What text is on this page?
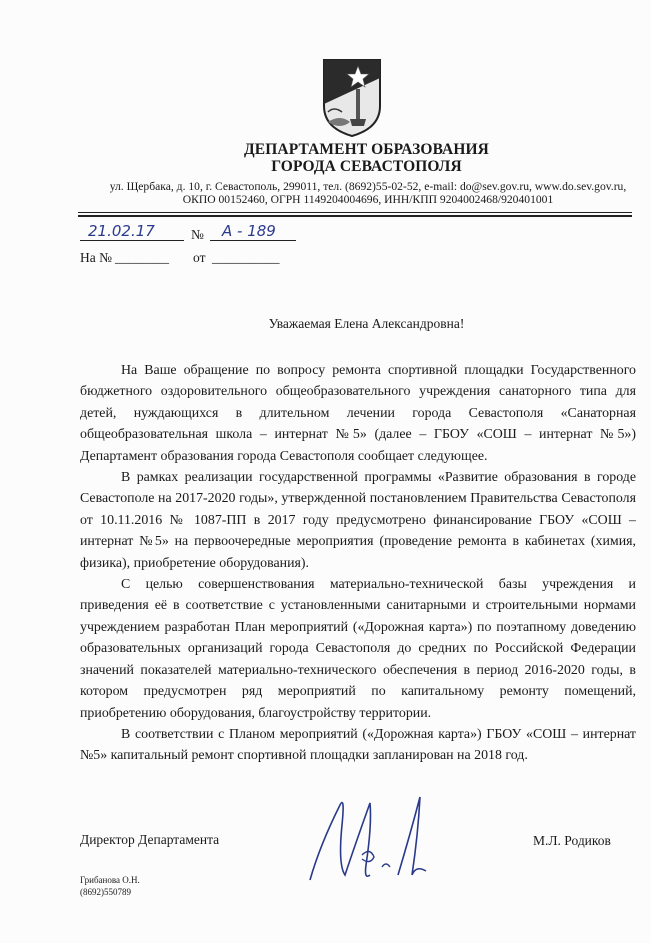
ДЕПАРТАМЕНТ ОБРАЗОВАНИЯ
ГОРОДА СЕВАСТОПОЛЯ
ул. Щербака, д. 10, г. Севастополь, 299011, тел. (8692)55-02-52, e-mail: do@sev.gov.ru, www.do.sev.gov.ru,
ОКПО 00152460, ОГРН 1149204004696, ИНН/КПП 9204002468/920401001
21.02.17	№ А - 189
На № ________ от __________
Уважаемая Елена Александровна!

На Ваше обращение по вопросу ремонта спортивной площадки Государственного бюджетного оздоровительного общеобразовательного учреждения санаторного типа для детей, нуждающихся в длительном лечении города Севастополя «Санаторная общеобразовательная школа – интернат №5» (далее – ГБОУ «СОШ – интернат №5») Департамент образования города Севастополя сообщает следующее.

В рамках реализации государственной программы «Развитие образования в городе Севастополе на 2017-2020 годы», утвержденной постановлением Правительства Севастополя от 10.11.2016 № 1087-ПП в 2017 году предусмотрено финансирование ГБОУ «СОШ – интернат №5» на первоочередные мероприятия (проведение ремонта в кабинетах (химия, физика), приобретение оборудования).

С целью совершенствования материально-технической базы учреждения и приведения её в соответствие с установленными санитарными и строительными нормами учреждением разработан План мероприятий («Дорожная карта») по поэтапному доведению образовательных организаций города Севастополя до средних по Российской Федерации значений показателей материально-технического обеспечения в период 2016-2020 годы, в котором предусмотрен ряд мероприятий по капитальному ремонту помещений, приобретению оборудования, благоустройству территории.

В соответствии с Планом мероприятий («Дорожная карта») ГБОУ «СОШ – интернат №5» капитальный ремонт спортивной площадки запланирован на 2018 год.

Директор Департамента	М.Л. Родиков
Грибанова О.Н.
(8692)550789
